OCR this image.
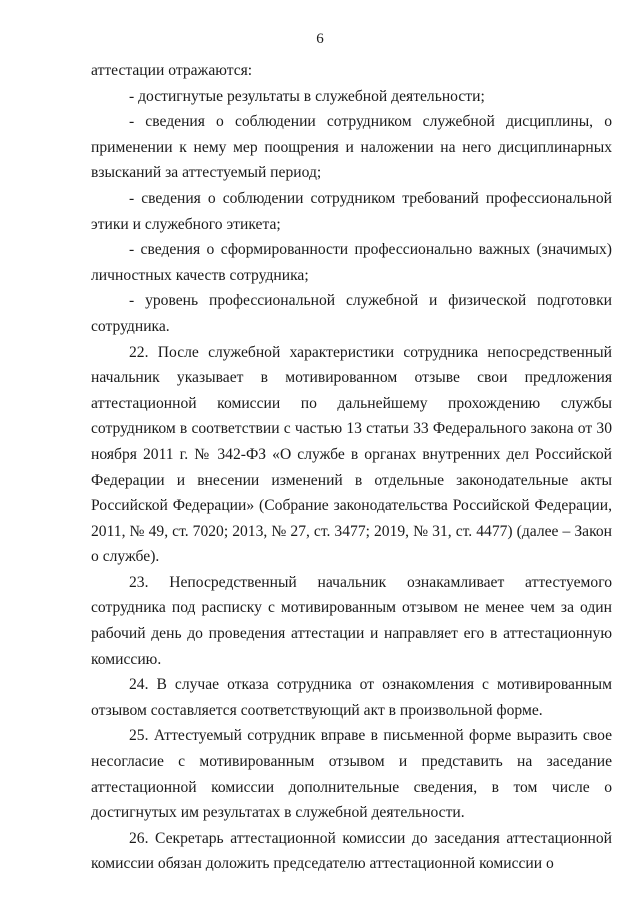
6

аттестации отражаются:

- достигнутые результаты в служебной деятельности;

- сведения о соблюдении сотрудником служебной дисциплины, о применении к нему мер поощрения и наложении на него дисциплинарных взысканий за аттестуемый период;

- сведения о соблюдении сотрудником требований профессиональной этики и служебного этикета;

- сведения о сформированности профессионально важных (значимых) личностных качеств сотрудника;

- уровень профессиональной служебной и физической подготовки сотрудника.

22. После служебной характеристики сотрудника непосредственный начальник указывает в мотивированном отзыве свои предложения аттестационной комиссии по дальнейшему прохождению службы сотрудником в соответствии с частью 13 статьи 33 Федерального закона от 30 ноября 2011 г. № 342-ФЗ «О службе в органах внутренних дел Российской Федерации и внесении изменений в отдельные законодательные акты Российской Федерации» (Собрание законодательства Российской Федерации, 2011, № 49, ст. 7020; 2013, № 27, ст. 3477; 2019, № 31, ст. 4477) (далее – Закон о службе).

23. Непосредственный начальник ознакамливает аттестуемого сотрудника под расписку с мотивированным отзывом не менее чем за один рабочий день до проведения аттестации и направляет его в аттестационную комиссию.

24. В случае отказа сотрудника от ознакомления с мотивированным отзывом составляется соответствующий акт в произвольной форме.

25. Аттестуемый сотрудник вправе в письменной форме выразить свое несогласие с мотивированным отзывом и представить на заседание аттестационной комиссии дополнительные сведения, в том числе о достигнутых им результатах в служебной деятельности.

26. Секретарь аттестационной комиссии до заседания аттестационной комиссии обязан доложить председателю аттестационной комиссии о
